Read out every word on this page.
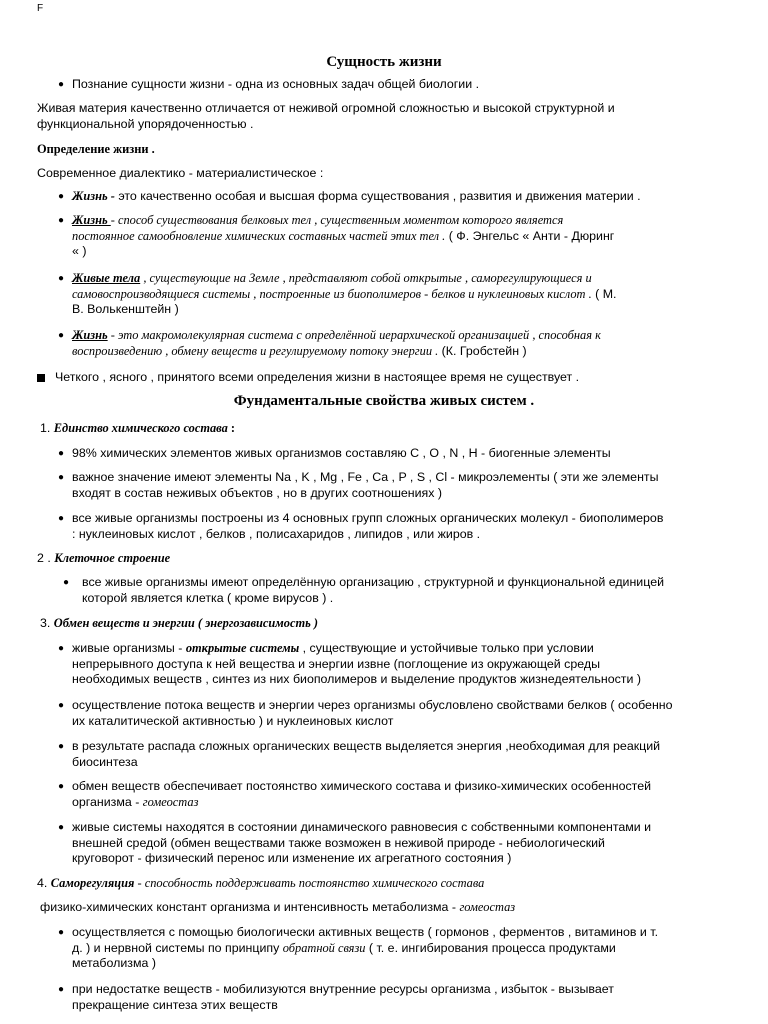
F
Сущность жизни
● Познание сущности жизни - одна из основных задач общей биологии .
Живая материя качественно отличается от неживой огромной сложностью и высокой структурной и
функциональной упорядоченностью .
Определение жизни .
Современное диалектико - материалистическое :
● Жизнь - это качественно особая и высшая форма существования , развития и движения материи .
● Жизнь - способ существования белковых тел , существенным моментом которого является
постоянное самообновление химических составных частей этих тел . ( Ф. Энгельс « Анти - Дюринг
« )
● Живые тела , существующие на Земле , представляют собой открытые , саморегулирующиеся и
самовоспроизводящиеся системы , построенные из биополимеров - белков и нуклеиновых кислот . ( М.
В. Волькенштейн )
● Жизнь - это макромолекулярная система с определённой иерархической организацией , способная к
воспроизведению , обмену веществ и регулируемому потоку энергии . (К. Гробстейн )
Четкого , ясного , принятого всеми определения жизни в настоящее время не существует .
Фундаментальные свойства живых систем .
1. Единство химического состава :
● 98% химических элементов живых организмов составляю C , O , N , H - биогенные элементы
● важное значение имеют элементы Na , K , Mg , Fe , Ca , P , S , Cl - микроэлементы ( эти же элементы
входят в состав неживых объектов , но в других соотношениях )
● все живые организмы построены из 4 основных групп сложных органических молекул - биополимеров
: нуклеиновых кислот , белков , полисахаридов , липидов , или жиров .
2 . Клеточное строение
● все живые организмы имеют определённую организацию , структурной и функциональной единицей
которой является клетка ( кроме вирусов ) .
3. Обмен веществ и энергии ( энергозависимость )
● живые организмы - открытые системы , существующие и устойчивые только при условии
непрерывного доступа к ней вещества и энергии извне (поглощение из окружающей среды
необходимых веществ , синтез из них биополимеров и выделение продуктов жизнедеятельности )
● осуществление потока веществ и энергии через организмы обусловлено свойствами белков ( особенно
их каталитической активностью ) и нуклеиновых кислот
● в результате распада сложных органических веществ выделяется энергия ,необходимая для реакций
биосинтеза
● обмен веществ обеспечивает постоянство химического состава и физико-химических особенностей
организма - гомеостаз
● живые системы находятся в состоянии динамического равновесия с собственными компонентами и
внешней средой (обмен веществами также возможен в неживой природе - небиологический
круговорот - физический перенос или изменение их агрегатного состояния )
4. Саморегуляция - способность поддерживать постоянство химического состава
физико-химических констант организма и интенсивность метаболизма - гомеостаз
● осуществляется с помощью биологически активных веществ ( гормонов , ферментов , витаминов и т.
д. ) и нервной системы по принципу обратной связи ( т. е. ингибирования процесса продуктами
метаболизма )
● при недостатке веществ - мобилизуются внутренние ресурсы организма , избыток - вызывает
прекращение синтеза этих веществ
